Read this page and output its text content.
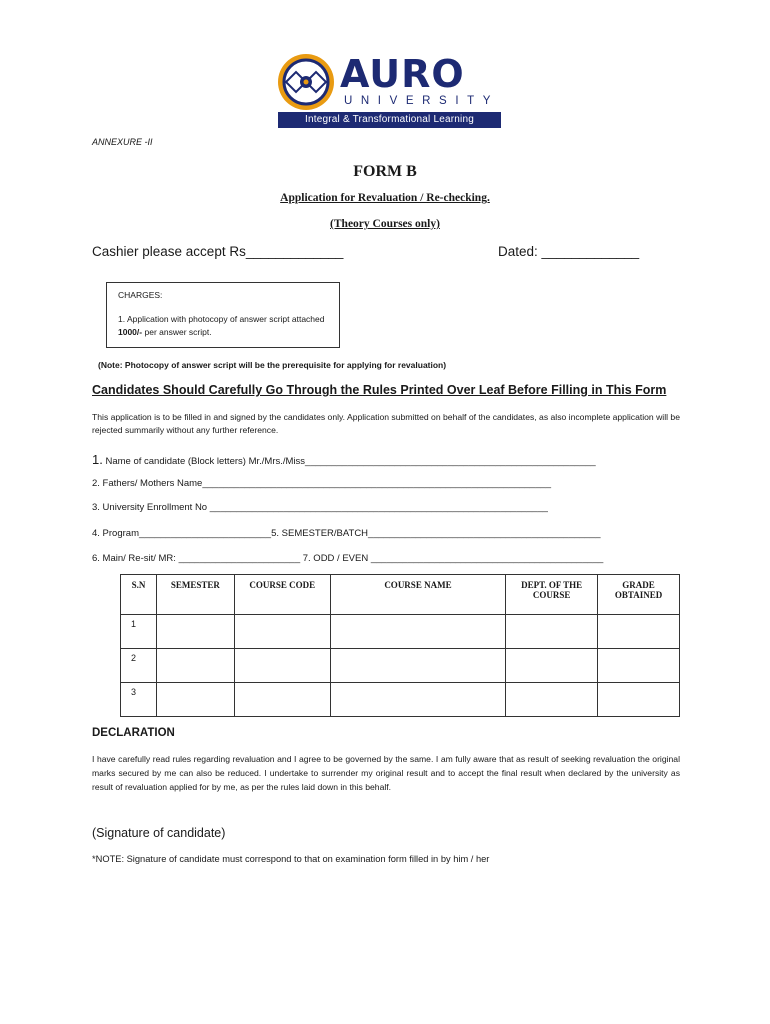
AURO
UNIVERSITY
Integral & Transformational Learning
ANNEXURE -II
FORM B
Application for Revaluation / Re-checking.
(Theory Courses only)
Cashier please accept Rs_____________	Dated: _____________
CHARGES:
1. Application with photocopy of answer script attached 1000/- per answer script.
(Note: Photocopy of answer script will be the prerequisite for applying for revaluation)
Candidates Should Carefully Go Through the Rules Printed Over Leaf Before Filling in This Form
This application is to be filled in and signed by the candidates only. Application submitted on behalf of the candidates, as also incomplete application will be rejected summarily without any further reference.
1. Name of candidate (Block letters) Mr./Mrs./Miss_______________________________________________________
2. Fathers/ Mothers Name__________________________________________________________________
3. University Enrollment No ________________________________________________________________
4. Program_________________________5. SEMESTER/BATCH____________________________________________
6. Main/ Re-sit/ MR: _______________________ 7. ODD / EVEN ____________________________________________
S.N	SEMESTER	COURSE CODE	COURSE NAME	DEPT. OF THE COURSE	GRADE OBTAINED
1					
2					
3					
DECLARATION
I have carefully read rules regarding revaluation and I agree to be governed by the same. I am fully aware that as result of seeking revaluation the original marks secured by me can also be reduced. I undertake to surrender my original result and to accept the final result when declared by the university as result of revaluation applied for by me, as per the rules laid down in this behalf.
(Signature of candidate)
*NOTE: Signature of candidate must correspond to that on examination form filled in by him / her
